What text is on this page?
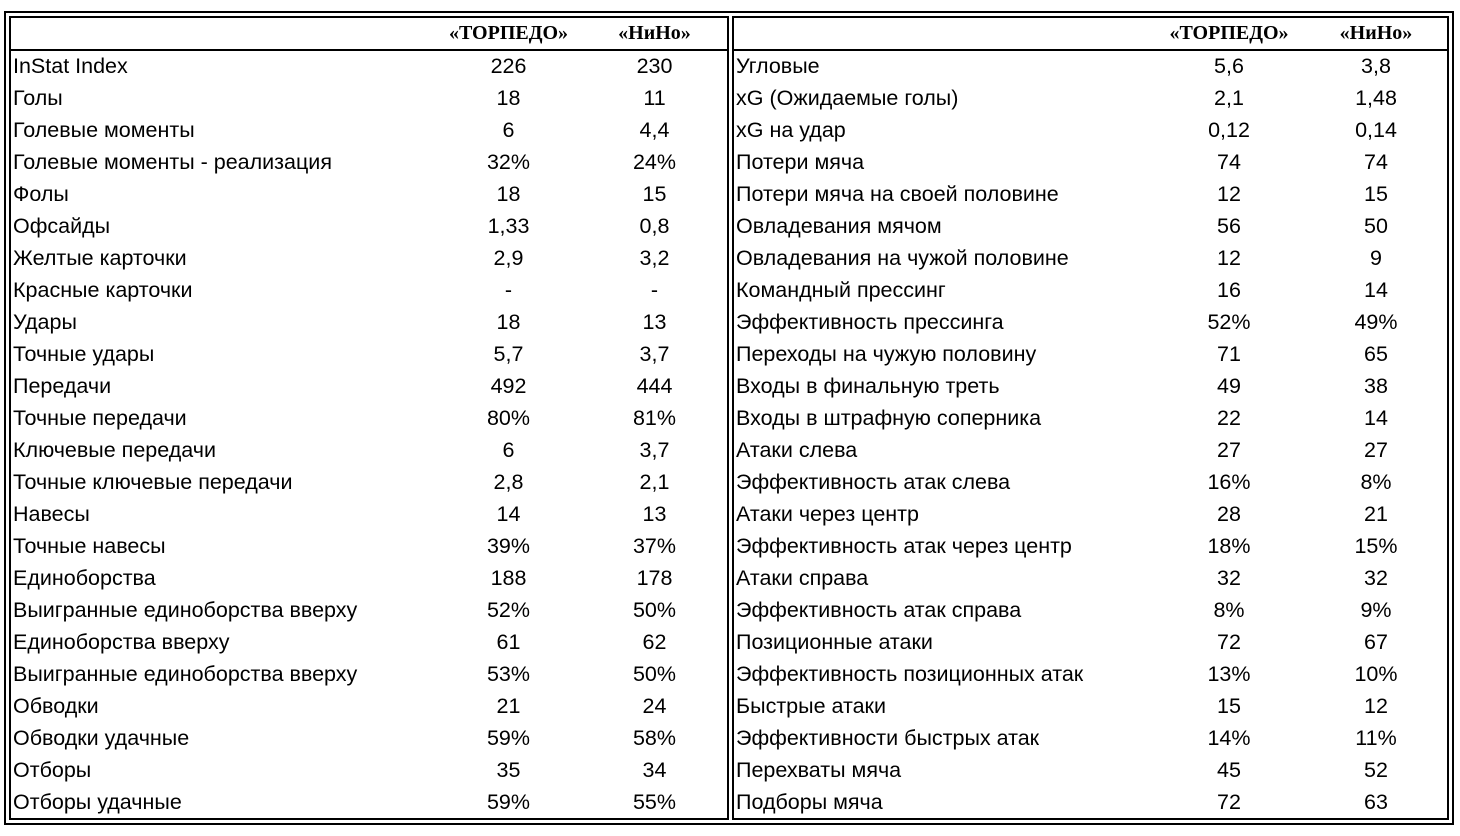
	«ТОРПЕДО»	«НиНо»
InStat Index	226	230
Голы	18	11
Голевые моменты	6	4,4
Голевые моменты - реализация	32%	24%
Фолы	18	15
Офсайды	1,33	0,8
Желтые карточки	2,9	3,2
Красные карточки	-	-
Удары	18	13
Точные удары	5,7	3,7
Передачи	492	444
Точные передачи	80%	81%
Ключевые передачи	6	3,7
Точные ключевые передачи	2,8	2,1
Навесы	14	13
Точные навесы	39%	37%
Единоборства	188	178
Выигранные единоборства вверху	52%	50%
Единоборства вверху	61	62
Выигранные единоборства вверху	53%	50%
Обводки	21	24
Обводки удачные	59%	58%
Отборы	35	34
Отборы удачные	59%	55%
	«ТОРПЕДО»	«НиНо»
Угловые	5,6	3,8
xG (Ожидаемые голы)	2,1	1,48
xG на удар	0,12	0,14
Потери мяча	74	74
Потери мяча на своей половине	12	15
Овладевания мячом	56	50
Овладевания на чужой половине	12	9
Командный прессинг	16	14
Эффективность прессинга	52%	49%
Переходы на чужую половину	71	65
Входы в финальную треть	49	38
Входы в штрафную соперника	22	14
Атаки слева	27	27
Эффективность атак слева	16%	8%
Атаки через центр	28	21
Эффективность атак через центр	18%	15%
Атаки справа	32	32
Эффективность атак справа	8%	9%
Позиционные атаки	72	67
Эффективность позиционных атак	13%	10%
Быстрые атаки	15	12
Эффективности быстрых атак	14%	11%
Перехваты мяча	45	52
Подборы мяча	72	63
